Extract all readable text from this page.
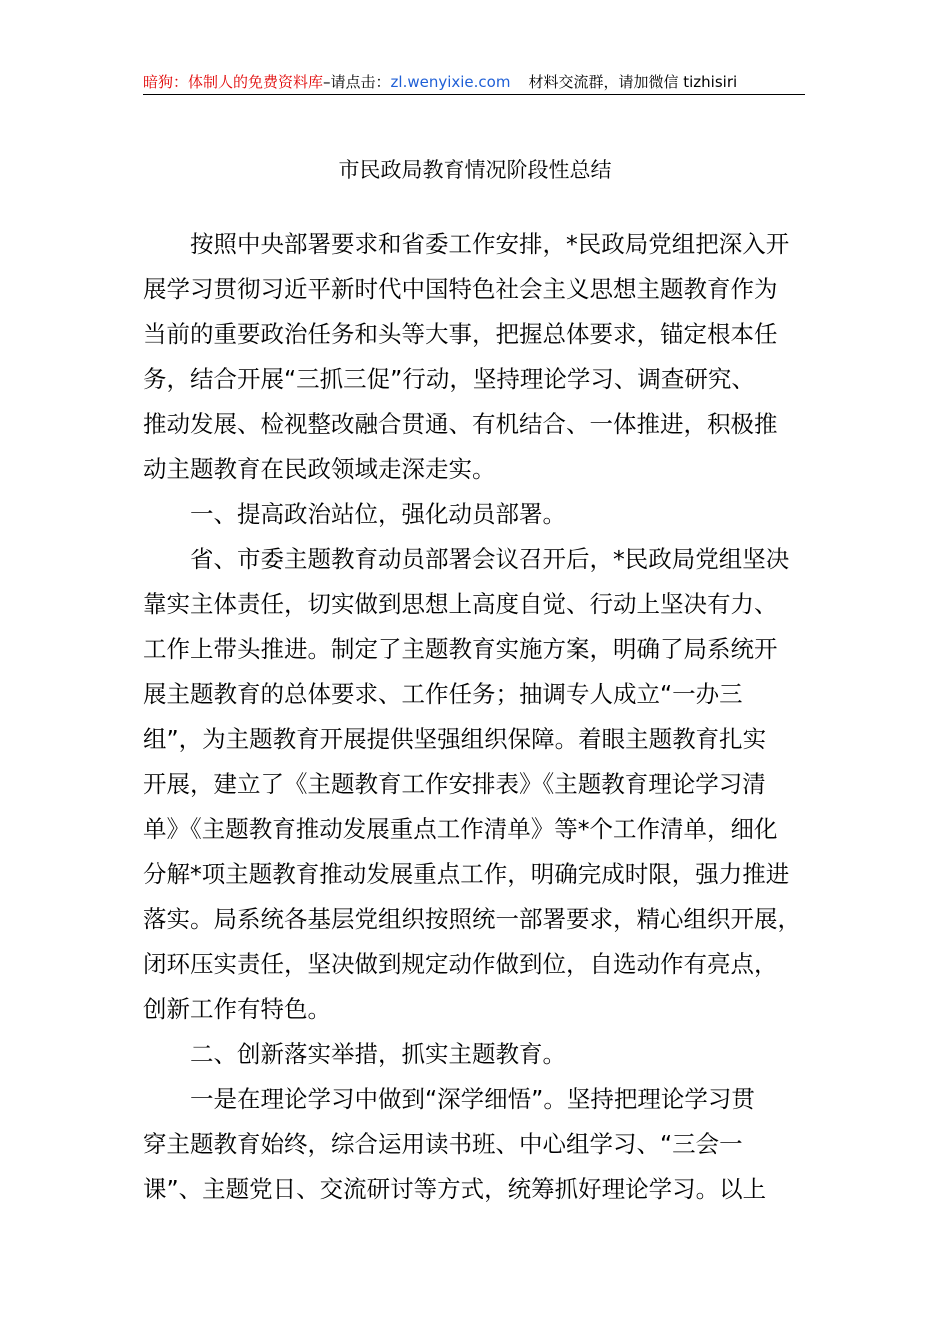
暗狗：体制人的免费资料库 –请点击： zl.wenyixie.com 材料交流群，请加微信 tizhisiri
市民政局教育情况阶段性总结
按照中央部署要求和省委工作安排，*民政局党组把深入开
展学习贯彻习近平新时代中国特色社会主义思想主题教育作为
当前的重要政治任务和头等大事，把握总体要求，锚定根本任
务，结合开展“三抓三促”行动，坚持理论学习、调查研究、
推动发展、检视整改融合贯通、有机结合、一体推进，积极推
动主题教育在民政领域走深走实。
一、提高政治站位，强化动员部署。
省、市委主题教育动员部署会议召开后，*民政局党组坚决
靠实主体责任，切实做到思想上高度自觉、行动上坚决有力、
工作上带头推进。制定了主题教育实施方案，明确了局系统开
展主题教育的总体要求、工作任务；抽调专人成立“一办三
组”，为主题教育开展提供坚强组织保障。着眼主题教育扎实
开展，建立了《主题教育工作安排表》《主题教育理论学习清
单》《主题教育推动发展重点工作清单》等*个工作清单，细化
分解*项主题教育推动发展重点工作，明确完成时限，强力推进
落实。局系统各基层党组织按照统一部署要求，精心组织开展，
闭环压实责任，坚决做到规定动作做到位，自选动作有亮点，
创新工作有特色。
二、创新落实举措，抓实主题教育。
一是在理论学习中做到“深学细悟”。坚持把理论学习贯
穿主题教育始终，综合运用读书班、中心组学习、“三会一
课”、主题党日、交流研讨等方式，统筹抓好理论学习。以上
